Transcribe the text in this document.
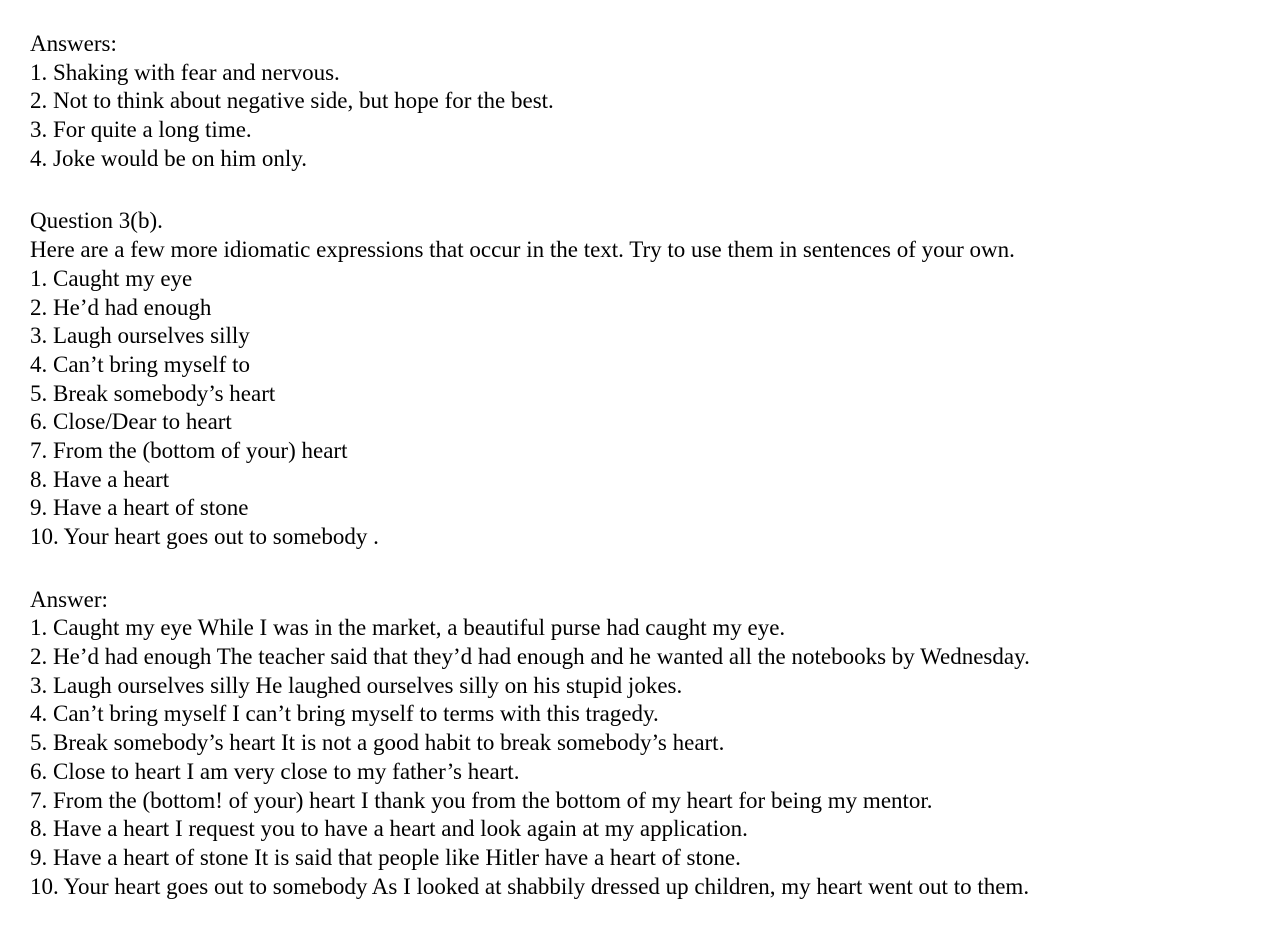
Answers:
1. Shaking with fear and nervous.
2. Not to think about negative side, but hope for the best.
3. For quite a long time.
4. Joke would be on him only.
Question 3(b).
Here are a few more idiomatic expressions that occur in the text. Try to use them in sentences of your own.
1. Caught my eye
2. He’d had enough
3. Laugh ourselves silly
4. Can’t bring myself to
5. Break somebody’s heart
6. Close/Dear to heart
7. From the (bottom of your) heart
8. Have a heart
9. Have a heart of stone
10. Your heart goes out to somebody .
Answer:
1. Caught my eye While I was in the market, a beautiful purse had caught my eye.
2. He’d had enough The teacher said that they’d had enough and he wanted all the notebooks by Wednesday.
3. Laugh ourselves silly He laughed ourselves silly on his stupid jokes.
4. Can’t bring myself I can’t bring myself to terms with this tragedy.
5. Break somebody’s heart It is not a good habit to break somebody’s heart.
6. Close to heart I am very close to my father’s heart.
7. From the (bottom! of your) heart I thank you from the bottom of my heart for being my mentor.
8. Have a heart I request you to have a heart and look again at my application.
9. Have a heart of stone It is said that people like Hitler have a heart of stone.
10. Your heart goes out to somebody As I looked at shabbily dressed up children, my heart went out to them.
